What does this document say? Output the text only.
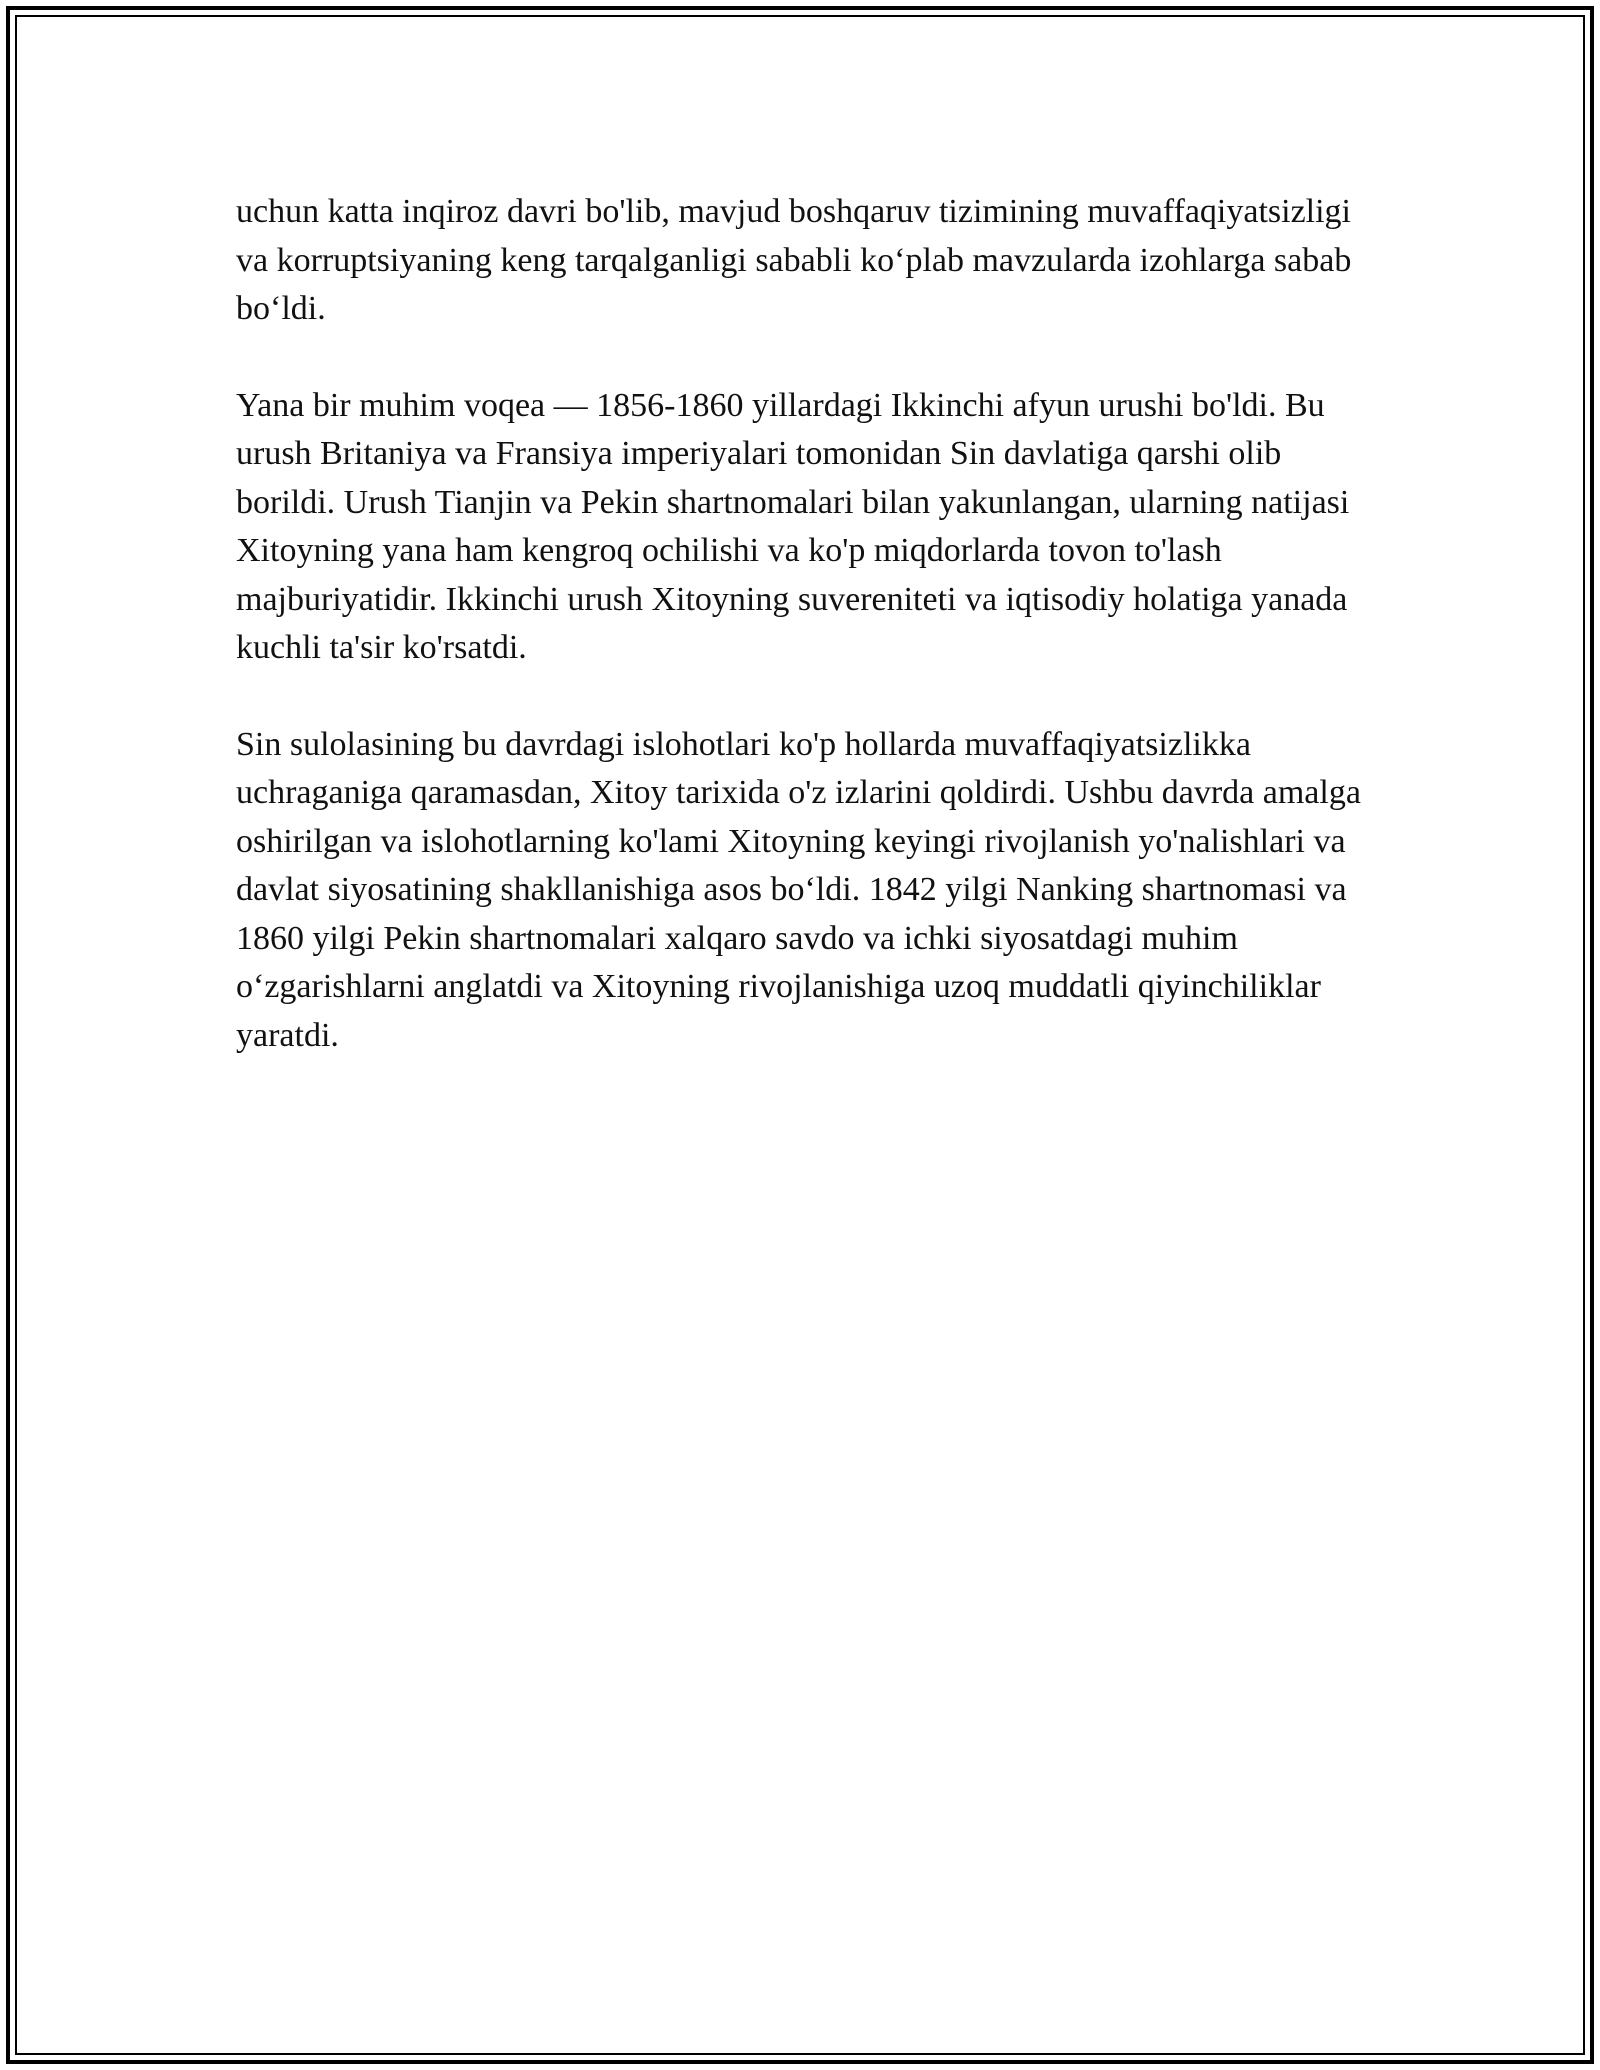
uchun katta inqiroz davri bo'lib, mavjud boshqaruv tizimining muvaffaqiyatsizligi va korruptsiyaning keng tarqalganligi sababli ko‘plab mavzularda izohlarga sabab bo‘ldi.

Yana bir muhim voqea — 1856-1860 yillardagi Ikkinchi afyun urushi bo'ldi. Bu urush Britaniya va Fransiya imperiyalari tomonidan Sin davlatiga qarshi olib borildi. Urush Tianjin va Pekin shartnomalari bilan yakunlangan, ularning natijasi Xitoyning yana ham kengroq ochilishi va ko'p miqdorlarda tovon to'lash majburiyatidir. Ikkinchi urush Xitoyning suvereniteti va iqtisodiy holatiga yanada kuchli ta'sir ko'rsatdi.

Sin sulolasining bu davrdagi islohotlari ko'p hollarda muvaffaqiyatsizlikka uchraganiga qaramasdan, Xitoy tarixida o'z izlarini qoldirdi. Ushbu davrda amalga oshirilgan va islohotlarning ko'lami Xitoyning keyingi rivojlanish yo'nalishlari va davlat siyosatining shakllanishiga asos bo‘ldi. 1842 yilgi Nanking shartnomasi va 1860 yilgi Pekin shartnomalari xalqaro savdo va ichki siyosatdagi muhim o‘zgarishlarni anglatdi va Xitoyning rivojlanishiga uzoq muddatli qiyinchiliklar yaratdi.
